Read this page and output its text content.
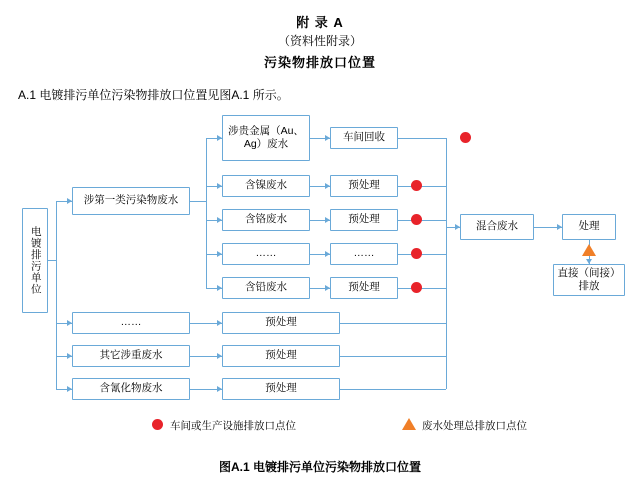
附 录 A
（资料性附录）
污染物排放口位置
A.1 电镀排污单位污染物排放口位置见图A.1 所示。
电镀排污单位
涉第一类污染物废水
涉贵金属（Au、Ag）废水
含镍废水
含铬废水
……
含铅废水
……
其它涉重废水
含氰化物废水
车间回收
预处理
预处理
……
预处理
预处理
预处理
预处理
混合废水	处理
直接（间接）排放
车间或生产设施排放口点位	废水处理总排放口点位
图A.1 电镀排污单位污染物排放口位置
